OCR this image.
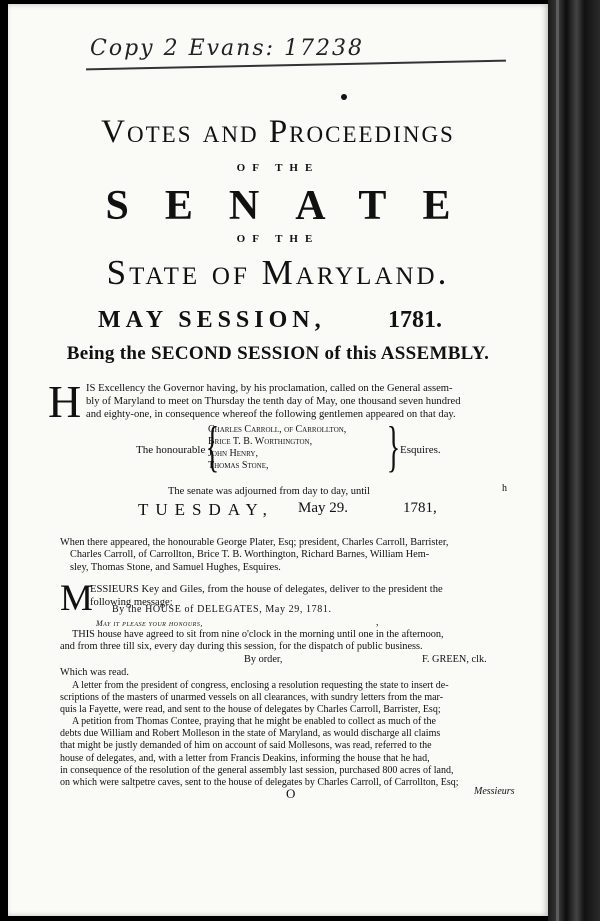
Copy 2 Evans: 17238
Votes and Proceedings
OF THE
SENATE
OF THE
State of Maryland.
MAY SESSION,	1781.
Being the SECOND SESSION of this ASSEMBLY.
H IS Excellency the Governor having, by his proclamation, called on the General assem-
bly of Maryland to meet on Thursday the tenth day of May, one thousand seven hundred
and eighty-one, in consequence whereof the following gentlemen appeared on that day.
The honourable {
Charles Carroll, of Carrollton,
Brice T. B. Worthington,
John Henry,
Thomas Stone,	} Esquires.
The senate was adjourned from day to day, until	h
TUESDAY, May 29.	1781,
When there appeared, the honourable George Plater, Esq; president, Charles Carroll, Barrister,
Charles Carroll, of Carrollton, Brice T. B. Worthington, Richard Barnes, William Hem-
sley, Thomas Stone, and Samuel Hughes, Esquires.
M
ESSIEURS Key and Giles, from the house of delegates, deliver to the president the
following message:
By the HOUSE of DELEGATES, May 29, 1781.
May it please your honours,	,
THIS house have agreed to sit from nine o'clock in the morning until one in the afternoon,
and from three till six, every day during this session, for the dispatch of public business.
By order,	F. GREEN, clk.
Which was read.
A letter from the president of congress, enclosing a resolution requesting the state to insert de-
scriptions of the masters of unarmed vessels on all clearances, with sundry letters from the mar-
quis la Fayette, were read, and sent to the house of delegates by Charles Carroll, Barrister, Esq;
A petition from Thomas Contee, praying that he might be enabled to collect as much of the
debts due William and Robert Molleson in the state of Maryland, as would discharge all claims
that might be justly demanded of him on account of said Mollesons, was read, referred to the
house of delegates, and, with a letter from Francis Deakins, informing the house that he had,
in consequence of the resolution of the general assembly last session, purchased 800 acres of land,
on which were saltpetre caves, sent to the house of delegates by Charles Carroll, of Carrollton, Esq;
O	Messieurs
